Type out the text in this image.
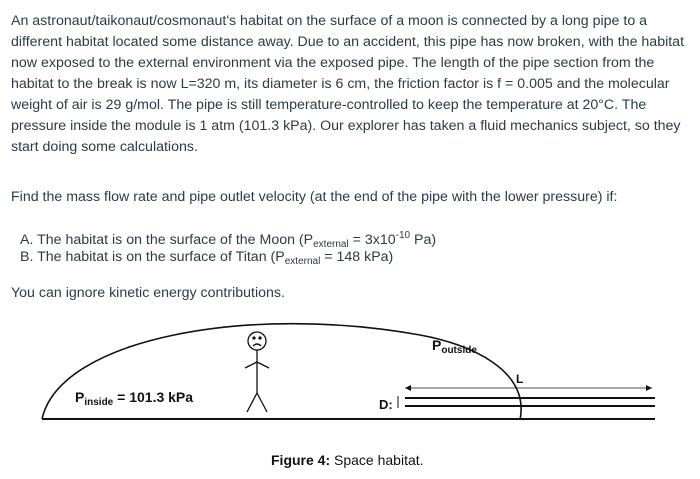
An astronaut/taikonaut/cosmonaut's habitat on the surface of a moon is connected by a long pipe to a different habitat located some distance away. Due to an accident, this pipe has now broken, with the habitat now exposed to the external environment via the exposed pipe. The length of the pipe section from the habitat to the break is now L=320 m, its diameter is 6 cm, the friction factor is f = 0.005 and the molecular weight of air is 29 g/mol. The pipe is still temperature-controlled to keep the temperature at 20°C. The pressure inside the module is 1 atm (101.3 kPa). Our explorer has taken a fluid mechanics subject, so they start doing some calculations.

Find the mass flow rate and pipe outlet velocity (at the end of the pipe with the lower pressure) if:

A. The habitat is on the surface of the Moon ($P_{external} = 3x10^{-10}$ Pa)

B. The habitat is on the surface of Titan ($P_{external} = 148$ kPa)

You can ignore kinetic energy contributions.

$P_{inside} = 101.3$ kPa
$P_{outside}$
L
D:
Figure 4: Space habitat.
